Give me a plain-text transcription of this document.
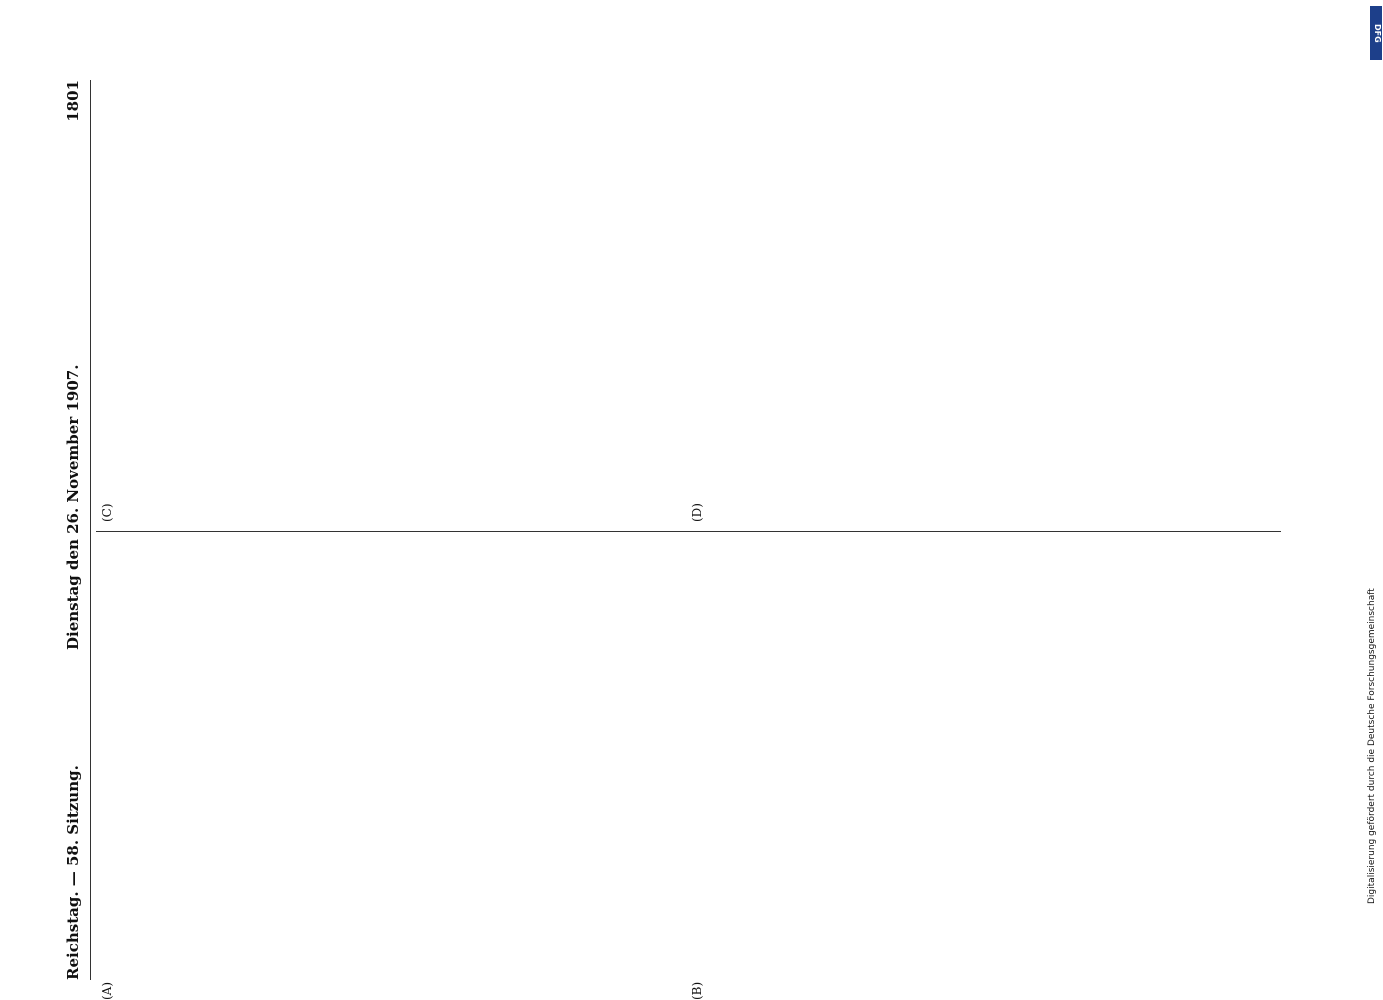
Reichstag. — 58. Sitzung.
Dienstag den 26. November 1907.
1801
(A)	(B)
(C)	(D)
DFG
Digitalisierung gefördert durch die Deutsche Forschungsgemeinschaft
